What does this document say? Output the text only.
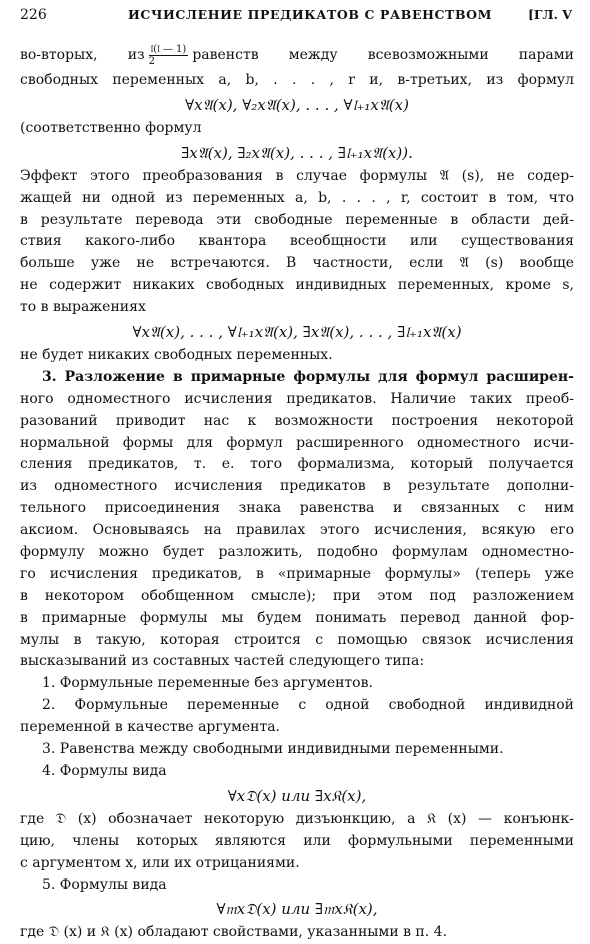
226	ИСЧИСЛЕНИЕ ПРЕДИКАТОВ С РАВЕНСТВОМ	[ГЛ. V
во-вторых, из $\frac{\text{𝔩(𝔩 — 1)}}{2}$ равенств между всевозможными парами
свободных переменных a, b, . . . , r и, в-третьих, из формул
∀x𝔄(x), ∀₂x𝔄(x), . . . , ∀𝔩₊₁x𝔄(x)
(соответственно формул
∃x𝔄(x), ∃₂x𝔄(x), . . . , ∃𝔩₊₁x𝔄(x)).
Эффект этого преобразования в случае формулы 𝔄 (s), не содер-
жащей ни одной из переменных a, b, . . . , r, состоит в том, что
в результате перевода эти свободные переменные в области дей-
ствия какого-либо квантора всеобщности или существования
больше уже не встречаются. В частности, если 𝔄 (s) вообще
не содержит никаких свободных индивидных переменных, кроме s,
то в выражениях
∀x𝔄(x), . . . , ∀𝔩₊₁x𝔄(x), ∃x𝔄(x), . . . , ∃𝔩₊₁x𝔄(x)
не будет никаких свободных переменных.
3. Разложение в примарные формулы для формул расширен-
ного одноместного исчисления предикатов. Наличие таких преоб-
разований приводит нас к возможности построения некоторой
нормальной формы для формул расширенного одноместного исчи-
сления предикатов, т. е. того формализма, который получается
из одноместного исчисления предикатов в результате дополни-
тельного присоединения знака равенства и связанных с ним
аксиом. Основываясь на правилах этого исчисления, всякую его
формулу можно будет разложить, подобно формулам одноместно-
го исчисления предикатов, в «примарные формулы» (теперь уже
в некотором обобщенном смысле); при этом под разложением
в примарные формулы мы будем понимать перевод данной фор-
мулы в такую, которая строится с помощью связок исчисления
высказываний из составных частей следующего типа:
1. Формульные переменные без аргументов.
2. Формульные переменные с одной свободной индивидной
переменной в качестве аргумента.
3. Равенства между свободными индивидными переменными.
4. Формулы вида
∀x𝔇(x) или ∃x𝔎(x),
где 𝔇 (x) обозначает некоторую дизъюнкцию, а 𝔎 (x) — конъюнк-
цию, члены которых являются или формульными переменными
с аргументом x, или их отрицаниями.
5. Формулы вида
∀𝔪x𝔇(x) или ∃𝔪x𝔎(x),
где 𝔇 (x) и 𝔎 (x) обладают свойствами, указанными в п. 4.
